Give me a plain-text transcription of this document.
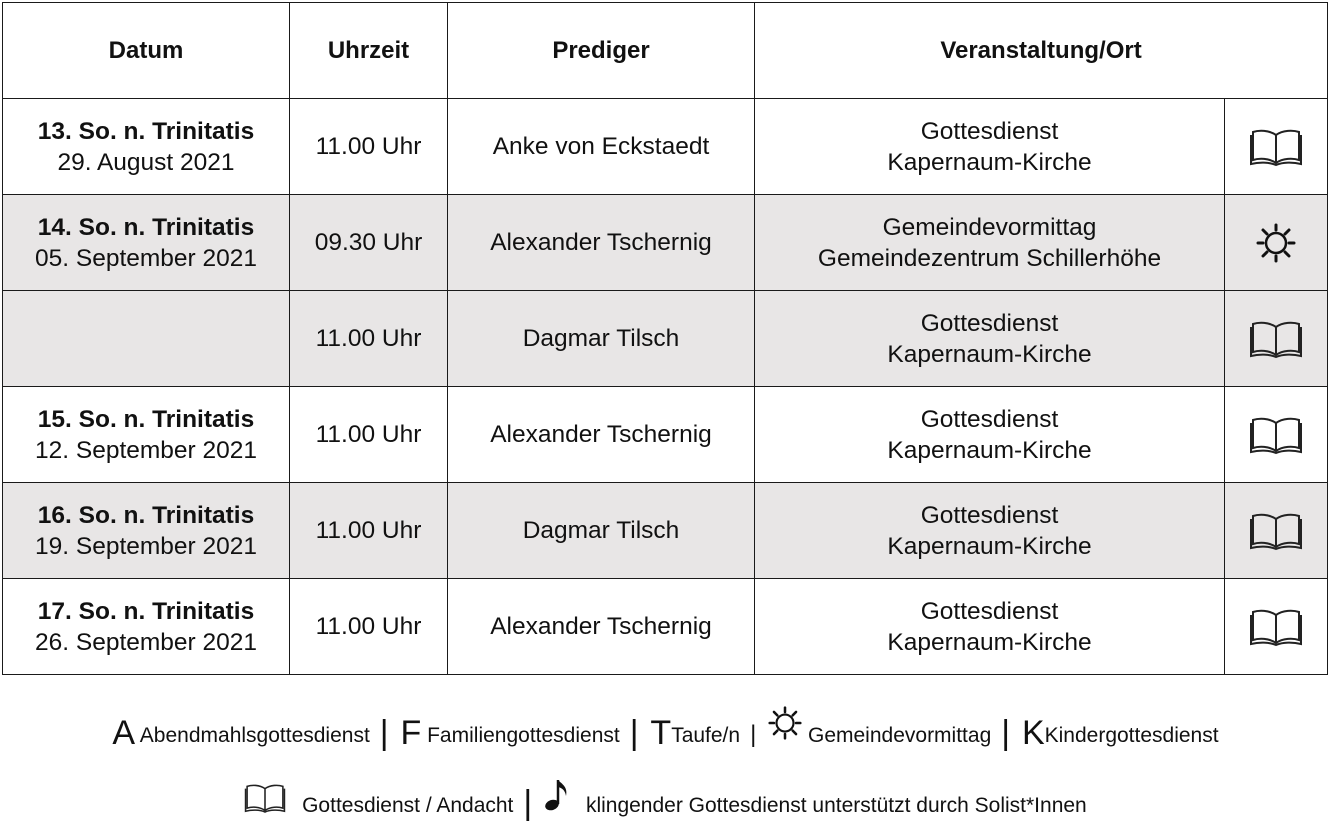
Datum	Uhrzeit	Prediger	Veranstaltung/Ort	

13. So. n. Trinitatis
29. August 2021	11.00 Uhr	Anke von Eckstaedt	Gottesdienst
Kapernaum-Kirche

14. So. n. Trinitatis
05. September 2021	09.30 Uhr	Alexander Tschernig	Gemeindevormittag
Gemeindezentrum Schillerhöhe

	11.00 Uhr	Dagmar Tilsch	Gottesdienst
Kapernaum-Kirche

15. So. n. Trinitatis
12. September 2021	11.00 Uhr	Alexander Tschernig	Gottesdienst
Kapernaum-Kirche

16. So. n. Trinitatis
19. September 2021	11.00 Uhr	Dagmar Tilsch	Gottesdienst
Kapernaum-Kirche

17. So. n. Trinitatis
26. September 2021	11.00 Uhr	Alexander Tschernig	Gottesdienst
Kapernaum-Kirche

A Abendmahlsgottesdienst | F Familiengottesdienst | TTaufe/n | Gemeindevormittag | KKindergottesdienst
Gottesdienst / Andacht |	klingender Gottesdienst unterstützt durch Solist*Innen
